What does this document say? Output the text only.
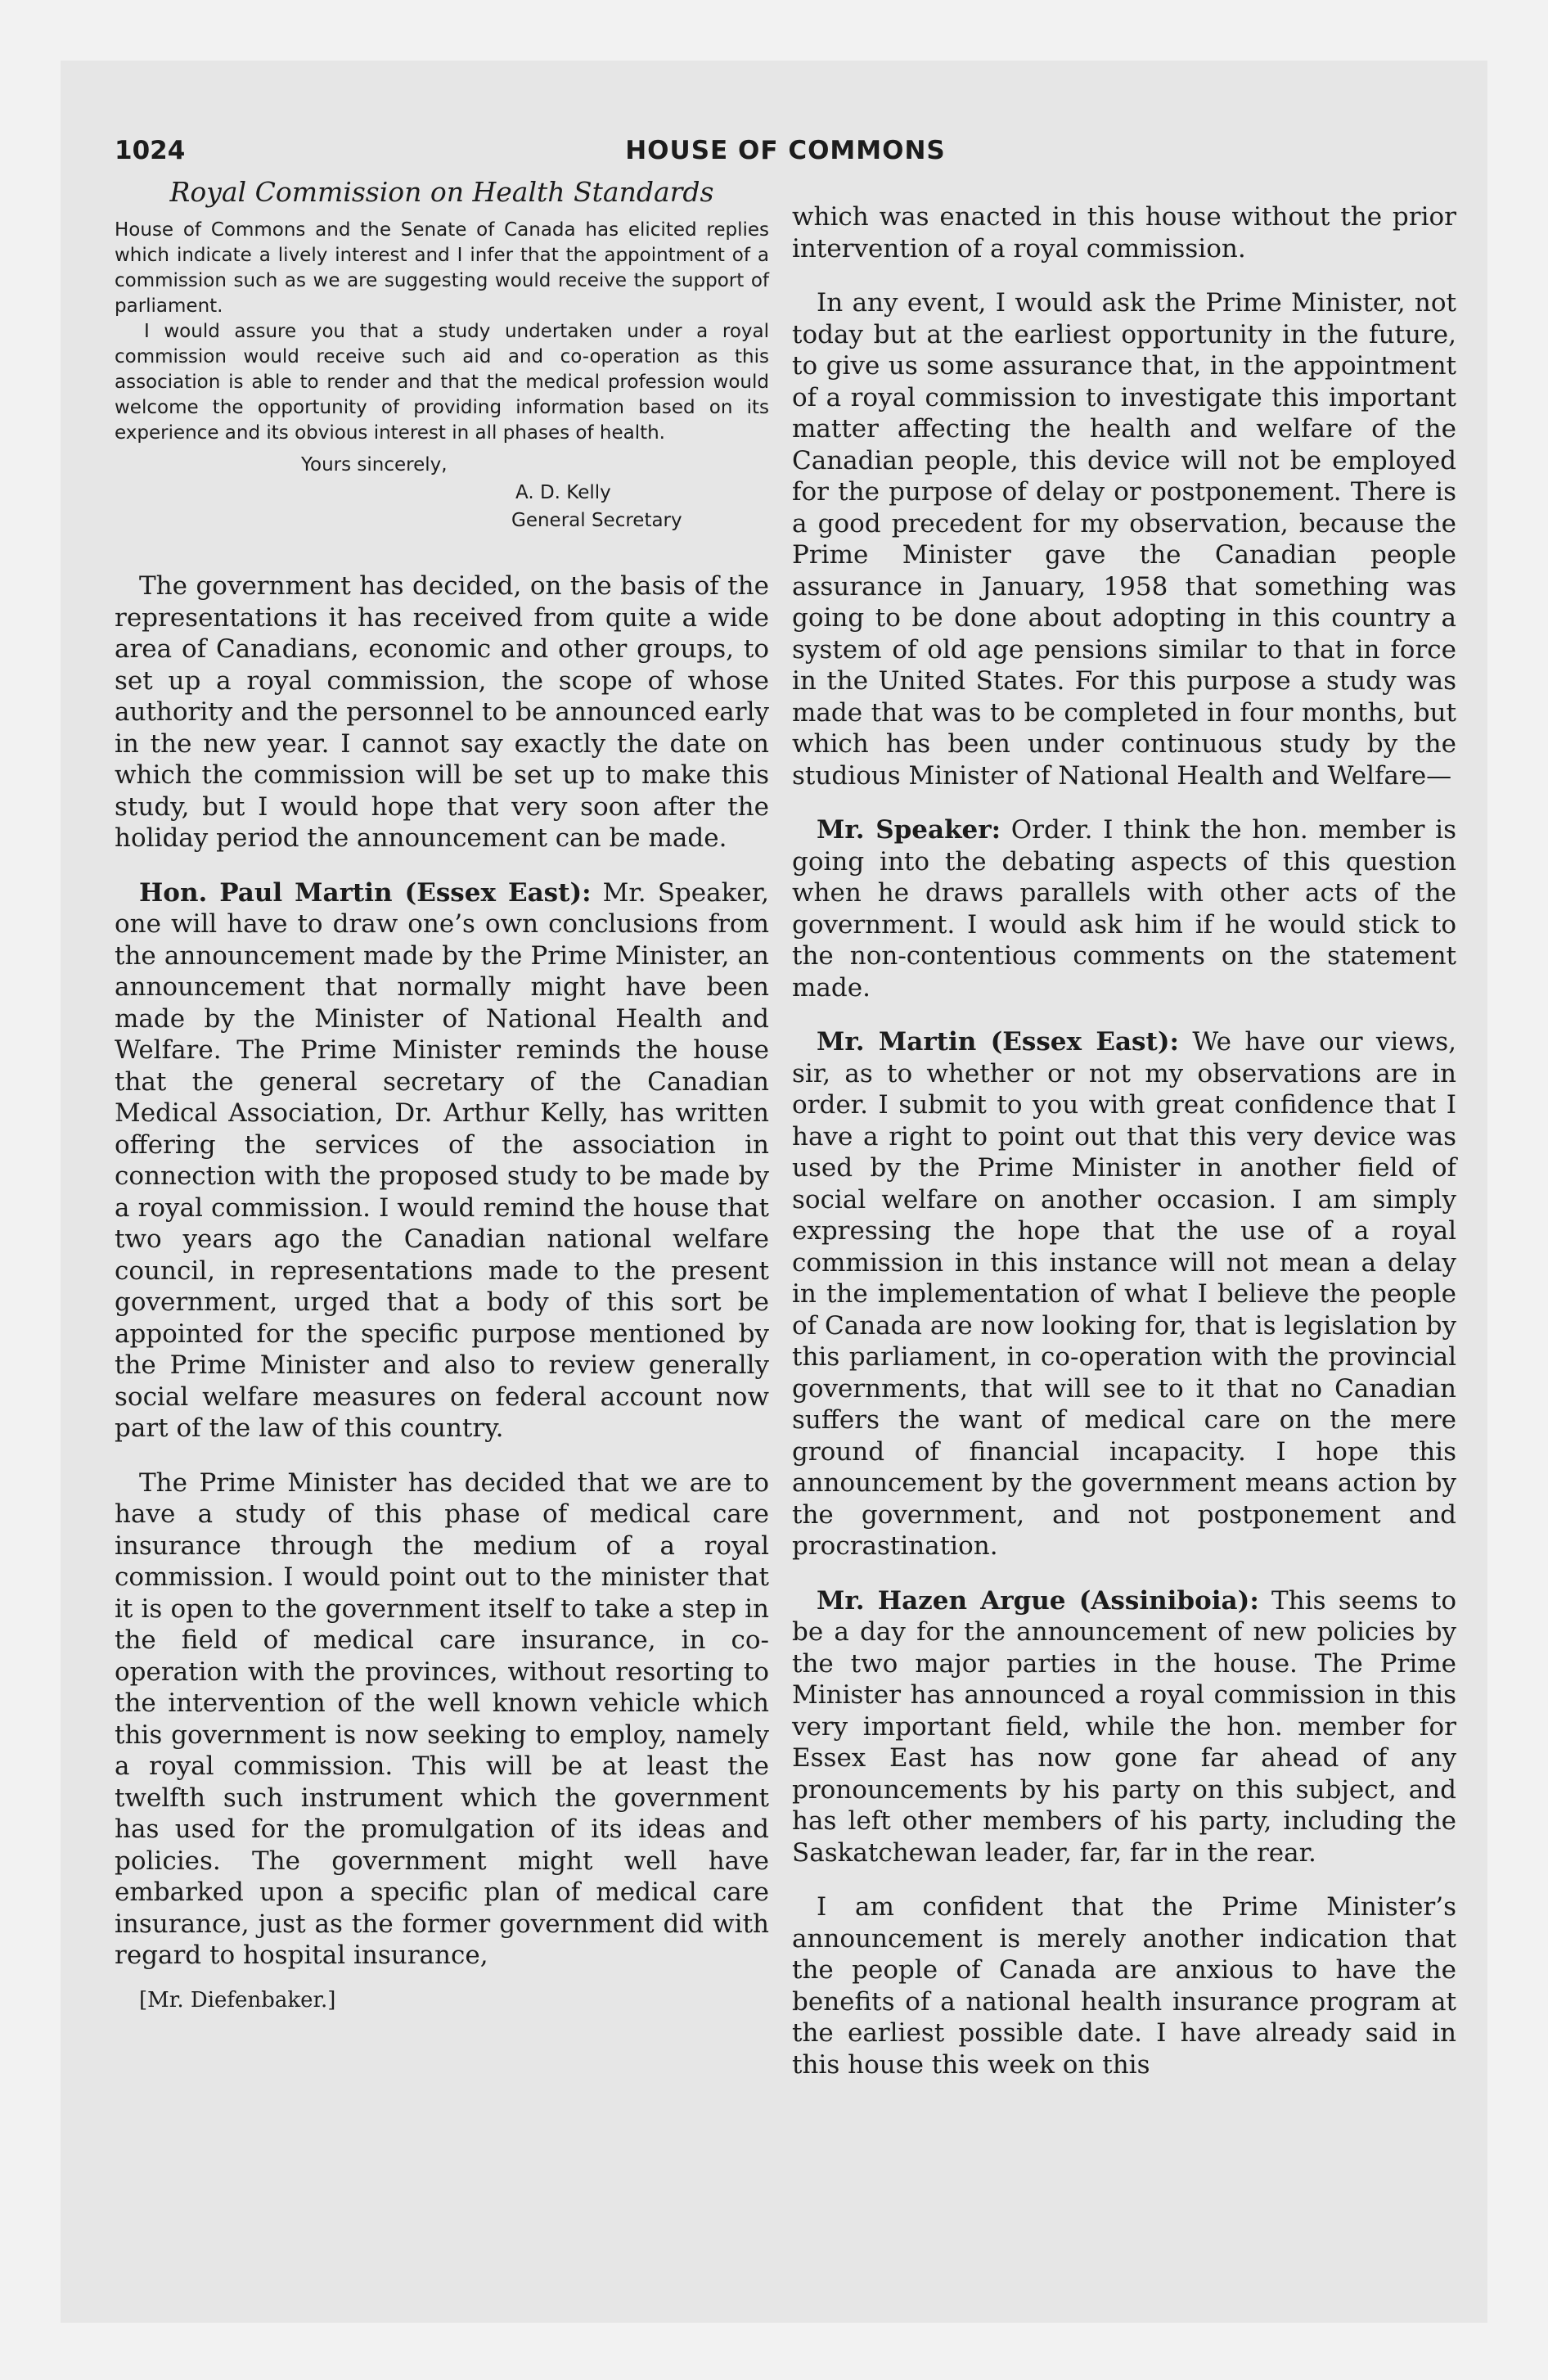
1024	HOUSE OF COMMONS
Royal Commission on Health Standards

House of Commons and the Senate of Canada has elicited replies which indicate a lively interest and I infer that the appointment of a commission such as we are suggesting would receive the support of parliament.

I would assure you that a study undertaken under a royal commission would receive such aid and co-operation as this association is able to render and that the medical profession would welcome the opportunity of providing information based on its experience and its obvious interest in all phases of health.

Yours sincerely,
A. D. Kelly
General Secretary

The government has decided, on the basis of the representations it has received from quite a wide area of Canadians, economic and other groups, to set up a royal commission, the scope of whose authority and the personnel to be announced early in the new year. I cannot say exactly the date on which the commission will be set up to make this study, but I would hope that very soon after the holiday period the announcement can be made.

Hon. Paul Martin (Essex East): Mr. Speaker, one will have to draw one’s own conclusions from the announcement made by the Prime Minister, an announcement that normally might have been made by the Minister of National Health and Welfare. The Prime Minister reminds the house that the general secretary of the Canadian Medical Association, Dr. Arthur Kelly, has written offering the services of the association in connection with the proposed study to be made by a royal commission. I would remind the house that two years ago the Canadian national welfare council, in representations made to the present government, urged that a body of this sort be appointed for the specific purpose mentioned by the Prime Minister and also to review generally social welfare measures on federal account now part of the law of this country.

The Prime Minister has decided that we are to have a study of this phase of medical care insurance through the medium of a royal commission. I would point out to the minister that it is open to the government itself to take a step in the field of medical care insurance, in co-operation with the provinces, without resorting to the intervention of the well known vehicle which this government is now seeking to employ, namely a royal commission. This will be at least the twelfth such instrument which the government has used for the promulgation of its ideas and policies. The government might well have embarked upon a specific plan of medical care insurance, just as the former government did with regard to hospital insurance,

[Mr. Diefenbaker.]

which was enacted in this house without the prior intervention of a royal commission.

In any event, I would ask the Prime Minister, not today but at the earliest opportunity in the future, to give us some assurance that, in the appointment of a royal commission to investigate this important matter affecting the health and welfare of the Canadian people, this device will not be employed for the purpose of delay or postponement. There is a good precedent for my observation, because the Prime Minister gave the Canadian people assurance in January, 1958 that something was going to be done about adopting in this country a system of old age pensions similar to that in force in the United States. For this purpose a study was made that was to be completed in four months, but which has been under continuous study by the studious Minister of National Health and Welfare—

Mr. Speaker: Order. I think the hon. member is going into the debating aspects of this question when he draws parallels with other acts of the government. I would ask him if he would stick to the non-contentious comments on the statement made.

Mr. Martin (Essex East): We have our views, sir, as to whether or not my observations are in order. I submit to you with great confidence that I have a right to point out that this very device was used by the Prime Minister in another field of social welfare on another occasion. I am simply expressing the hope that the use of a royal commission in this instance will not mean a delay in the implementation of what I believe the people of Canada are now looking for, that is legislation by this parliament, in co-operation with the provincial governments, that will see to it that no Canadian suffers the want of medical care on the mere ground of financial incapacity. I hope this announcement by the government means action by the government, and not postponement and procrastination.

Mr. Hazen Argue (Assiniboia): This seems to be a day for the announcement of new policies by the two major parties in the house. The Prime Minister has announced a royal commission in this very important field, while the hon. member for Essex East has now gone far ahead of any pronouncements by his party on this subject, and has left other members of his party, including the Saskatchewan leader, far, far in the rear.

I am confident that the Prime Minister’s announcement is merely another indication that the people of Canada are anxious to have the benefits of a national health insurance program at the earliest possible date. I have already said in this house this week on this
